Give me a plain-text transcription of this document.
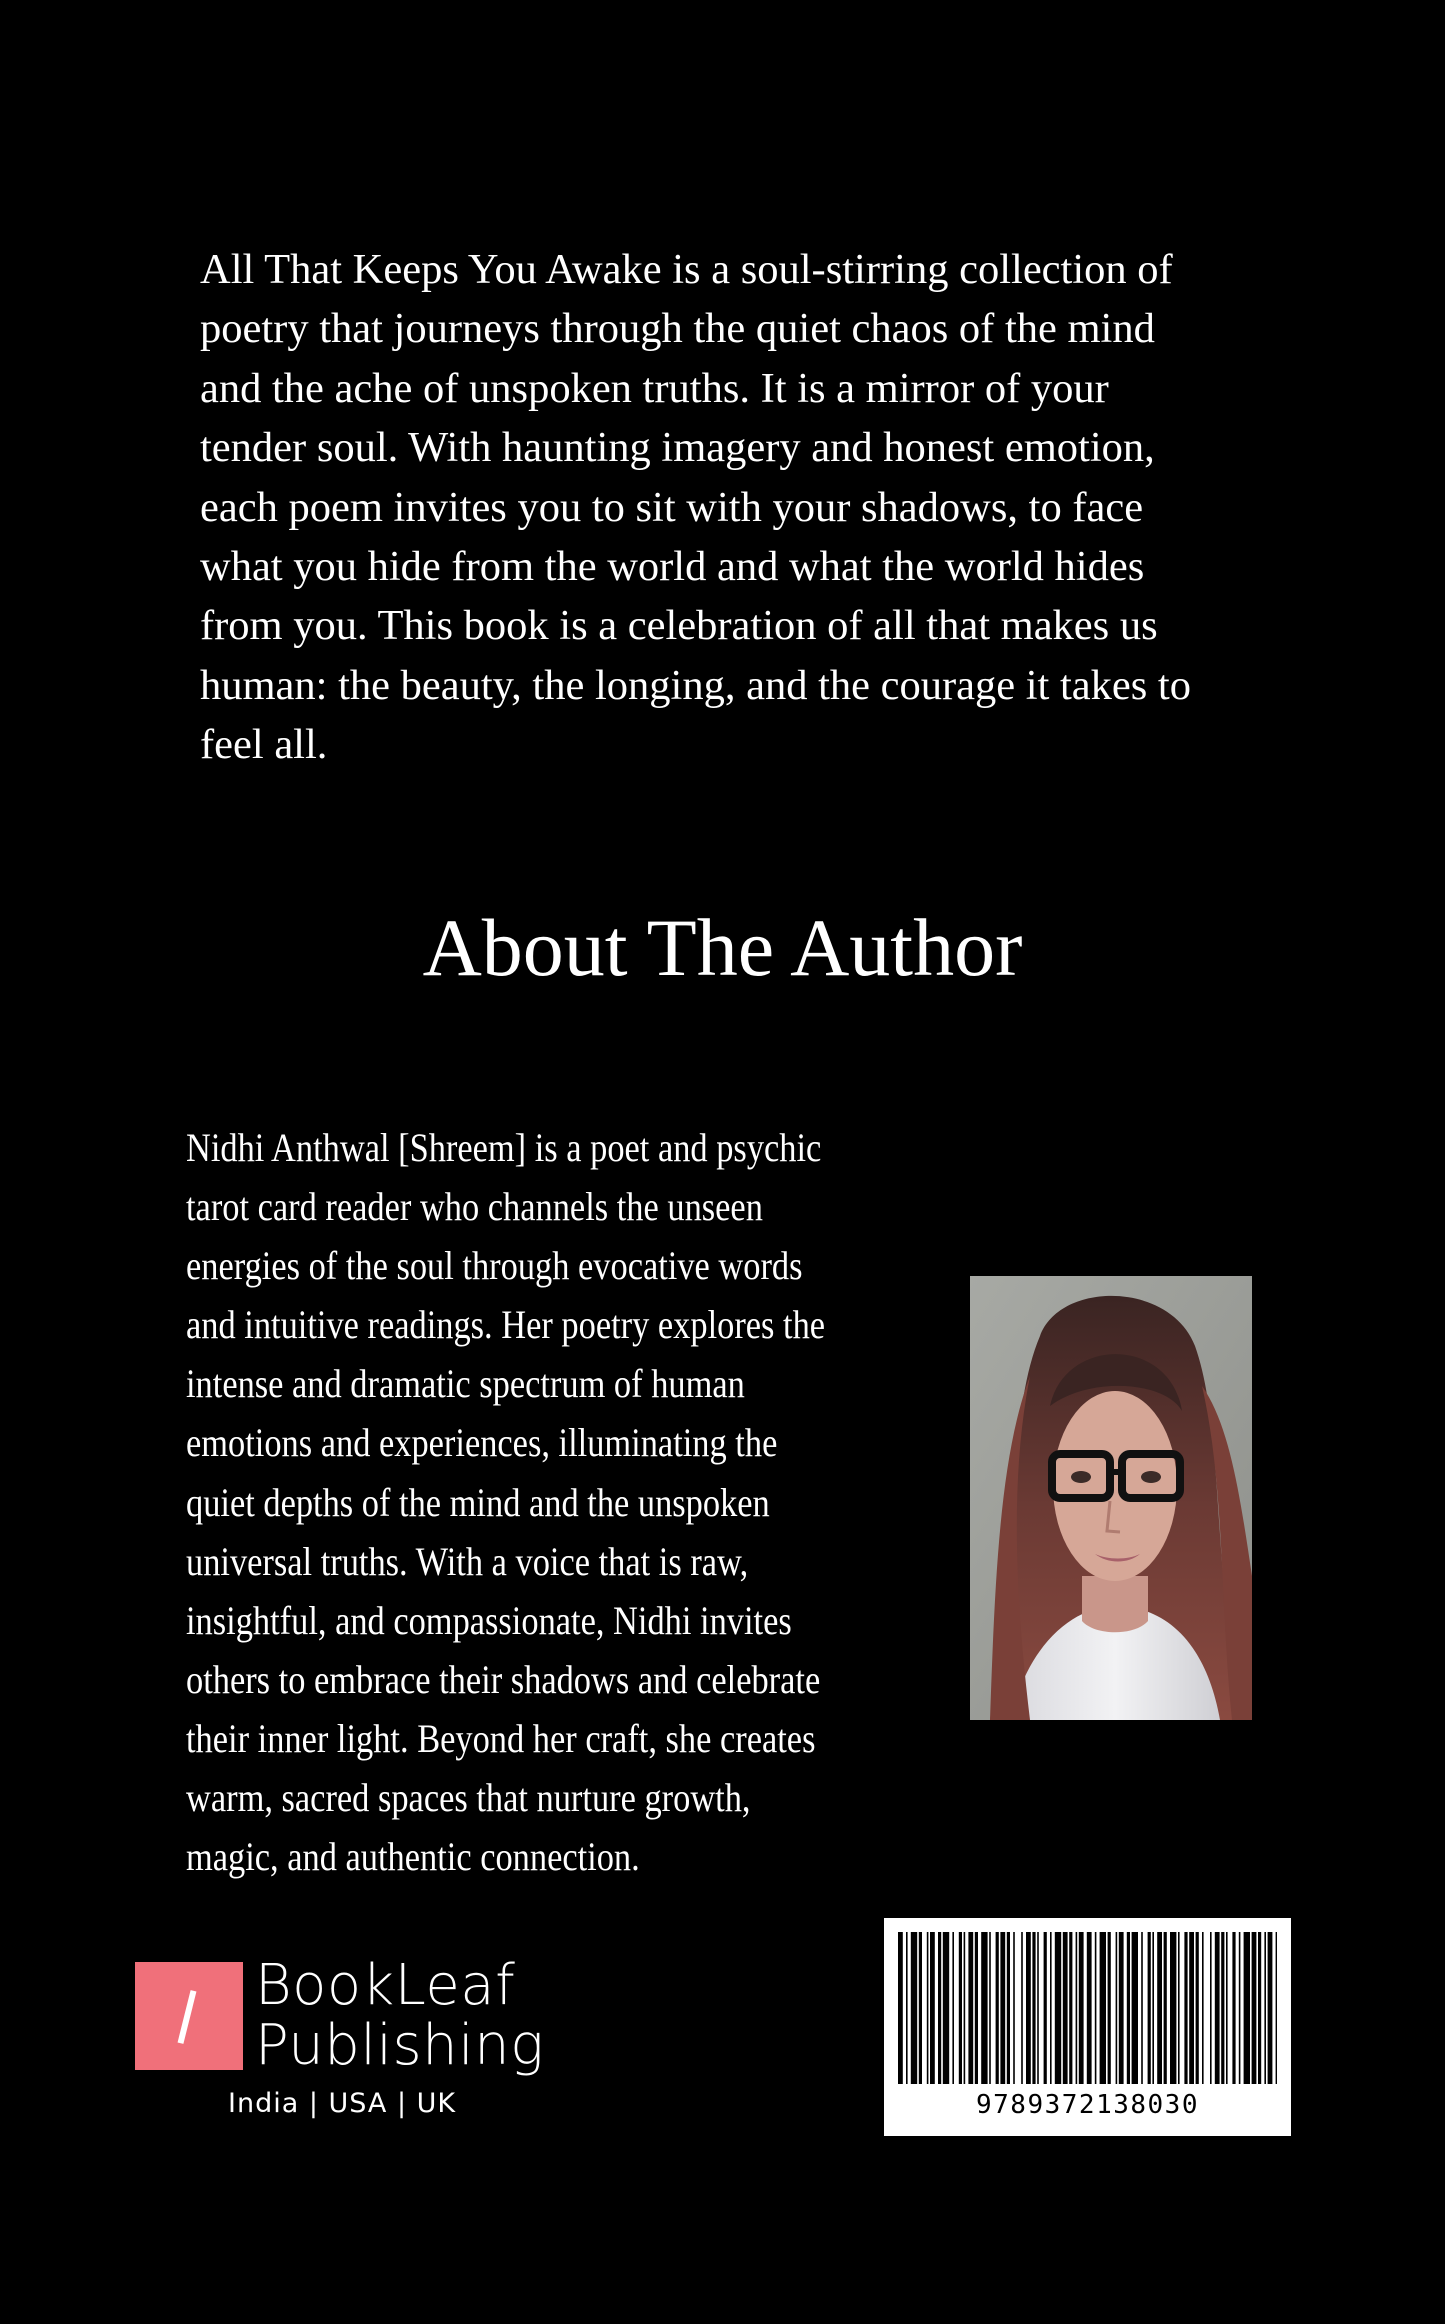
All That Keeps You Awake is a soul-stirring collection of
poetry that journeys through the quiet chaos of the mind
and the ache of unspoken truths. It is a mirror of your
tender soul. With haunting imagery and honest emotion,
each poem invites you to sit with your shadows, to face
what you hide from the world and what the world hides
from you. This book is a celebration of all that makes us
human: the beauty, the longing, and the courage it takes to
feel all.
About The Author
Nidhi Anthwal [Shreem] is a poet and psychic
tarot card reader who channels the unseen
energies of the soul through evocative words
and intuitive readings. Her poetry explores the
intense and dramatic spectrum of human
emotions and experiences, illuminating the
quiet depths of the mind and the unspoken
universal truths. With a voice that is raw,
insightful, and compassionate, Nidhi invites
others to embrace their shadows and celebrate
their inner light. Beyond her craft, she creates
warm, sacred spaces that nurture growth,
magic, and authentic connection.
BookLeaf
Publishing
India | USA | UK	9789372138030
